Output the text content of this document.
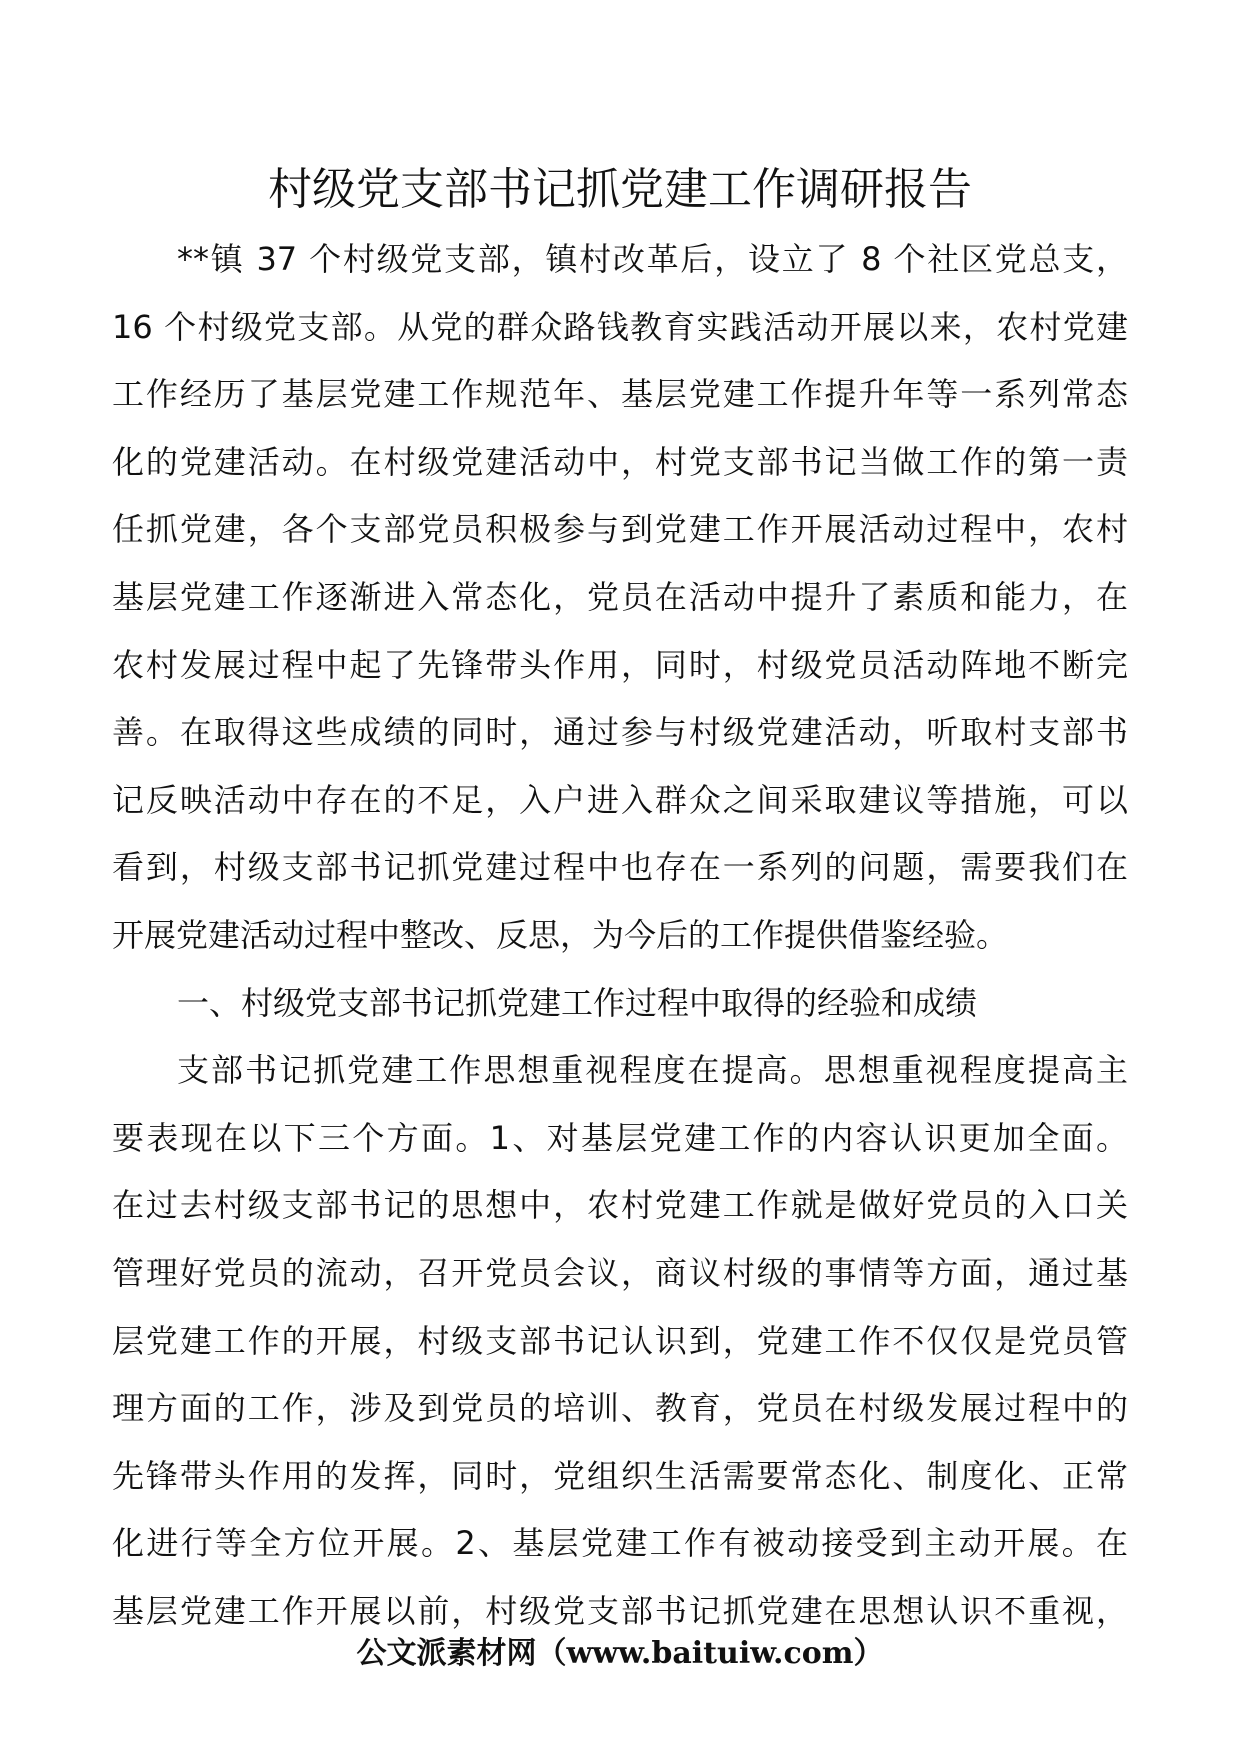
村级党支部书记抓党建工作调研报告
**镇 37 个村级党支部，镇村改革后，设立了 8 个社区党总支，
16 个村级党支部。从党的群众路钱教育实践活动开展以来，农村党建
工作经历了基层党建工作规范年、基层党建工作提升年等一系列常态
化的党建活动。在村级党建活动中，村党支部书记当做工作的第一责
任抓党建，各个支部党员积极参与到党建工作开展活动过程中，农村
基层党建工作逐渐进入常态化，党员在活动中提升了素质和能力，在
农村发展过程中起了先锋带头作用，同时，村级党员活动阵地不断完
善。在取得这些成绩的同时，通过参与村级党建活动，听取村支部书
记反映活动中存在的不足，入户进入群众之间采取建议等措施，可以
看到，村级支部书记抓党建过程中也存在一系列的问题，需要我们在
开展党建活动过程中整改、反思，为今后的工作提供借鉴经验。
一、村级党支部书记抓党建工作过程中取得的经验和成绩
支部书记抓党建工作思想重视程度在提高。思想重视程度提高主
要表现在以下三个方面。1、对基层党建工作的内容认识更加全面。
在过去村级支部书记的思想中，农村党建工作就是做好党员的入口关
管理好党员的流动，召开党员会议，商议村级的事情等方面，通过基
层党建工作的开展，村级支部书记认识到，党建工作不仅仅是党员管
理方面的工作，涉及到党员的培训、教育，党员在村级发展过程中的
先锋带头作用的发挥，同时，党组织生活需要常态化、制度化、正常
化进行等全方位开展。2、基层党建工作有被动接受到主动开展。在
基层党建工作开展以前，村级党支部书记抓党建在思想认识不重视，
公文派素材网（www.baituiw.com）
